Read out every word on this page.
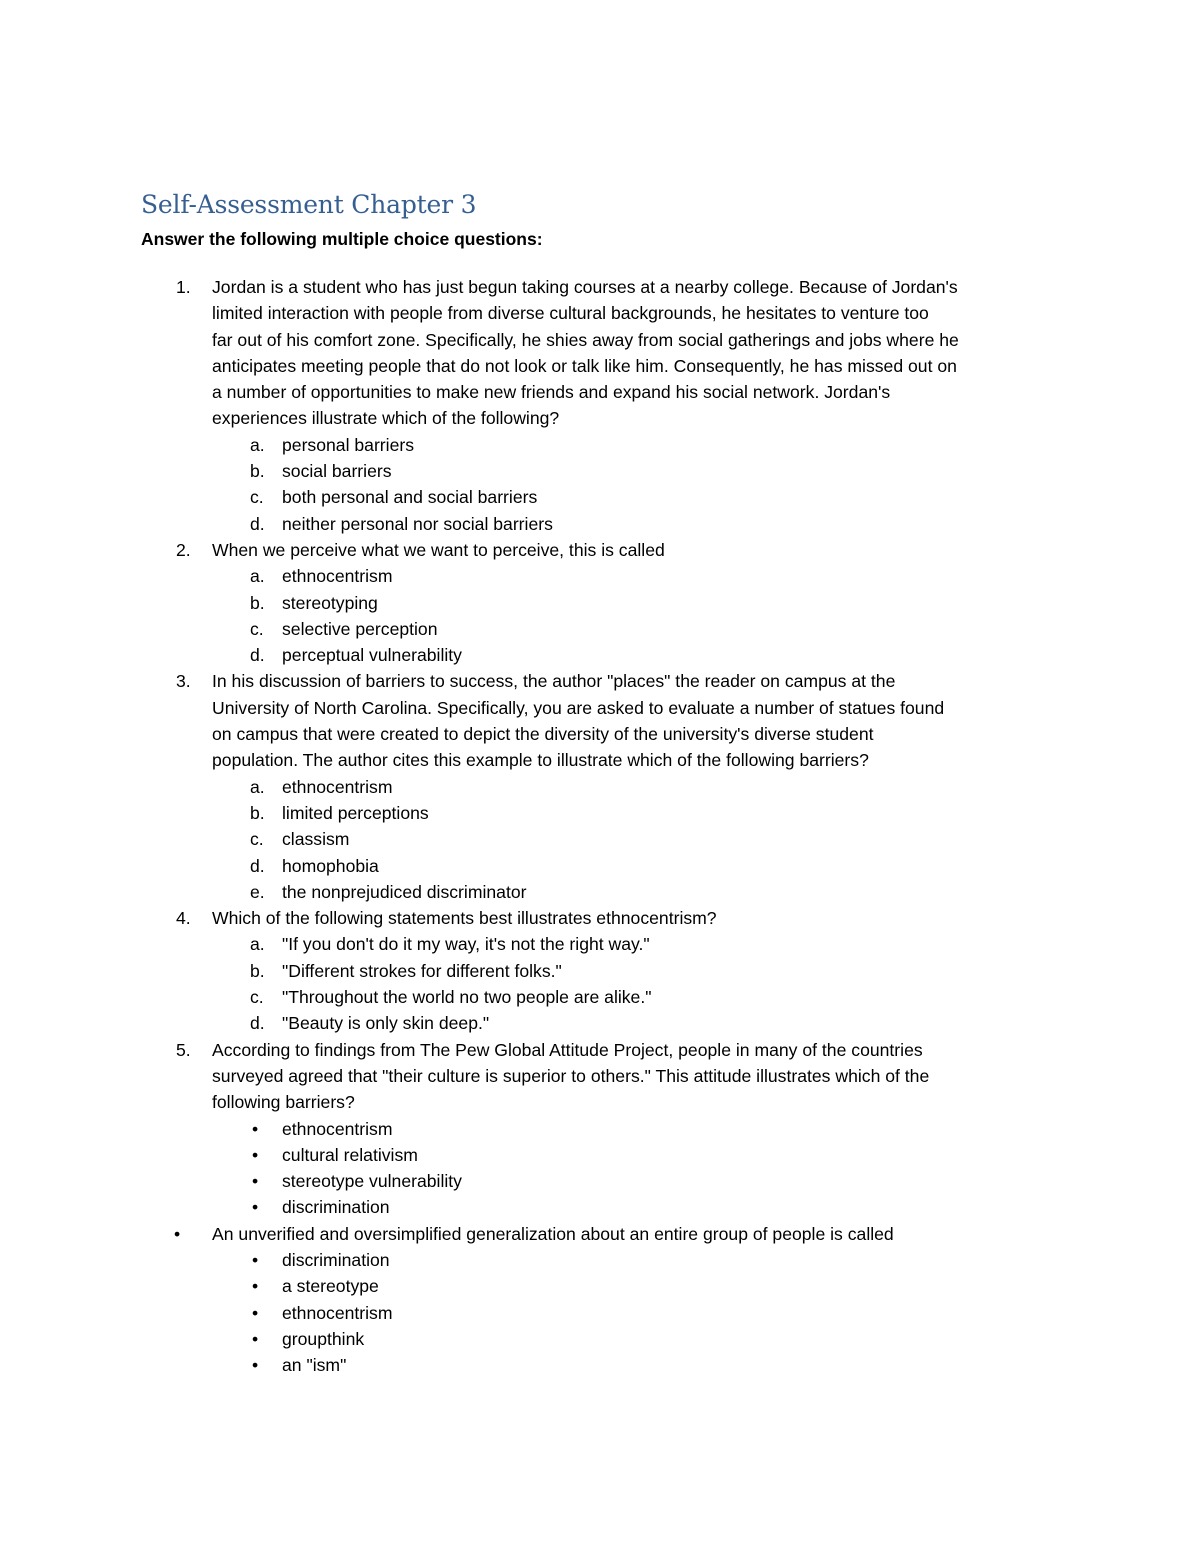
Self-Assessment Chapter 3

Answer the following multiple choice questions:

1. Jordan is a student who has just begun taking courses at a nearby college. Because of Jordan's
limited interaction with people from diverse cultural backgrounds, he hesitates to venture too
far out of his comfort zone. Specifically, he shies away from social gatherings and jobs where he
anticipates meeting people that do not look or talk like him. Consequently, he has missed out on
a number of opportunities to make new friends and expand his social network. Jordan's
experiences illustrate which of the following?
a. personal barriers
b. social barriers
c. both personal and social barriers
d. neither personal nor social barriers
2. When we perceive what we want to perceive, this is called
a. ethnocentrism
b. stereotyping
c. selective perception
d. perceptual vulnerability
3. In his discussion of barriers to success, the author "places" the reader on campus at the
University of North Carolina. Specifically, you are asked to evaluate a number of statues found
on campus that were created to depict the diversity of the university's diverse student
population. The author cites this example to illustrate which of the following barriers?
a. ethnocentrism
b. limited perceptions
c. classism
d. homophobia
e. the nonprejudiced discriminator
4. Which of the following statements best illustrates ethnocentrism?
a. "If you don't do it my way, it's not the right way."
b. "Different strokes for different folks."
c. "Throughout the world no two people are alike."
d. "Beauty is only skin deep."
5. According to findings from The Pew Global Attitude Project, people in many of the countries
surveyed agreed that "their culture is superior to others." This attitude illustrates which of the
following barriers?
• ethnocentrism
• cultural relativism
• stereotype vulnerability
• discrimination
• An unverified and oversimplified generalization about an entire group of people is called
• discrimination
• a stereotype
• ethnocentrism
• groupthink
• an "ism"
